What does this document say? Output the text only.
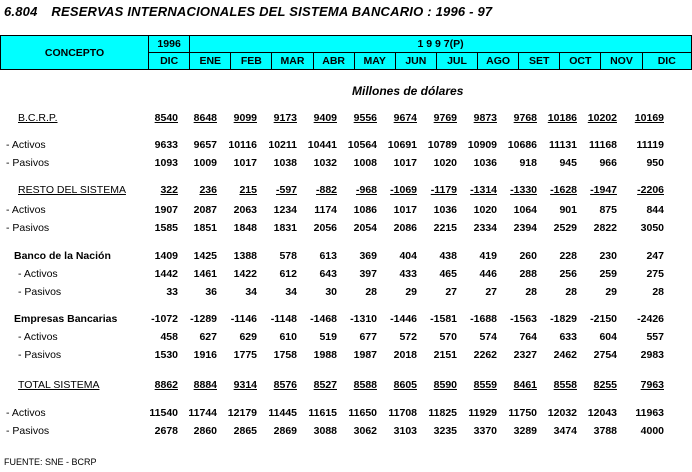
6.804 RESERVAS INTERNACIONALES DEL SISTEMA BANCARIO : 1996 - 97
CONCEPTO	1996	1 9 9 7(P)											
	DIC	ENE	FEB	MAR	ABR	MAY	JUN	JUL	AGO	SET	OCT	NOV	DIC
Millones de dólares
B.C.R.P.	8540	8648	9099	9173	9409	9556	9674	9769	9873	9768	10186	10202	10169
- Activos	9633	9657	10116	10211	10441	10564	10691	10789	10909	10686	11131	11168	11119
- Pasivos	1093	1009	1017	1038	1032	1008	1017	1020	1036	918	945	966	950
RESTO DEL SISTEMA	322	236	215	-597	-882	-968	-1069	-1179	-1314	-1330	-1628	-1947	-2206
- Activos	1907	2087	2063	1234	1174	1086	1017	1036	1020	1064	901	875	844
- Pasivos	1585	1851	1848	1831	2056	2054	2086	2215	2334	2394	2529	2822	3050
Banco de la Nación	1409	1425	1388	578	613	369	404	438	419	260	228	230	247
- Activos	1442	1461	1422	612	643	397	433	465	446	288	256	259	275
- Pasivos	33	36	34	34	30	28	29	27	27	28	28	29	28
Empresas Bancarias	-1072	-1289	-1146	-1148	-1468	-1310	-1446	-1581	-1688	-1563	-1829	-2150	-2426
- Activos	458	627	629	610	519	677	572	570	574	764	633	604	557
- Pasivos	1530	1916	1775	1758	1988	1987	2018	2151	2262	2327	2462	2754	2983
TOTAL SISTEMA	8862	8884	9314	8576	8527	8588	8605	8590	8559	8461	8558	8255	7963
- Activos	11540 11744	12179	11445	11615	11650	11708	11825	11929	11750	12032	12043	11963
- Pasivos	2678	2860	2865	2869	3088	3062	3103	3235	3370	3289	3474	3788	4000
FUENTE: SNE - BCRP
